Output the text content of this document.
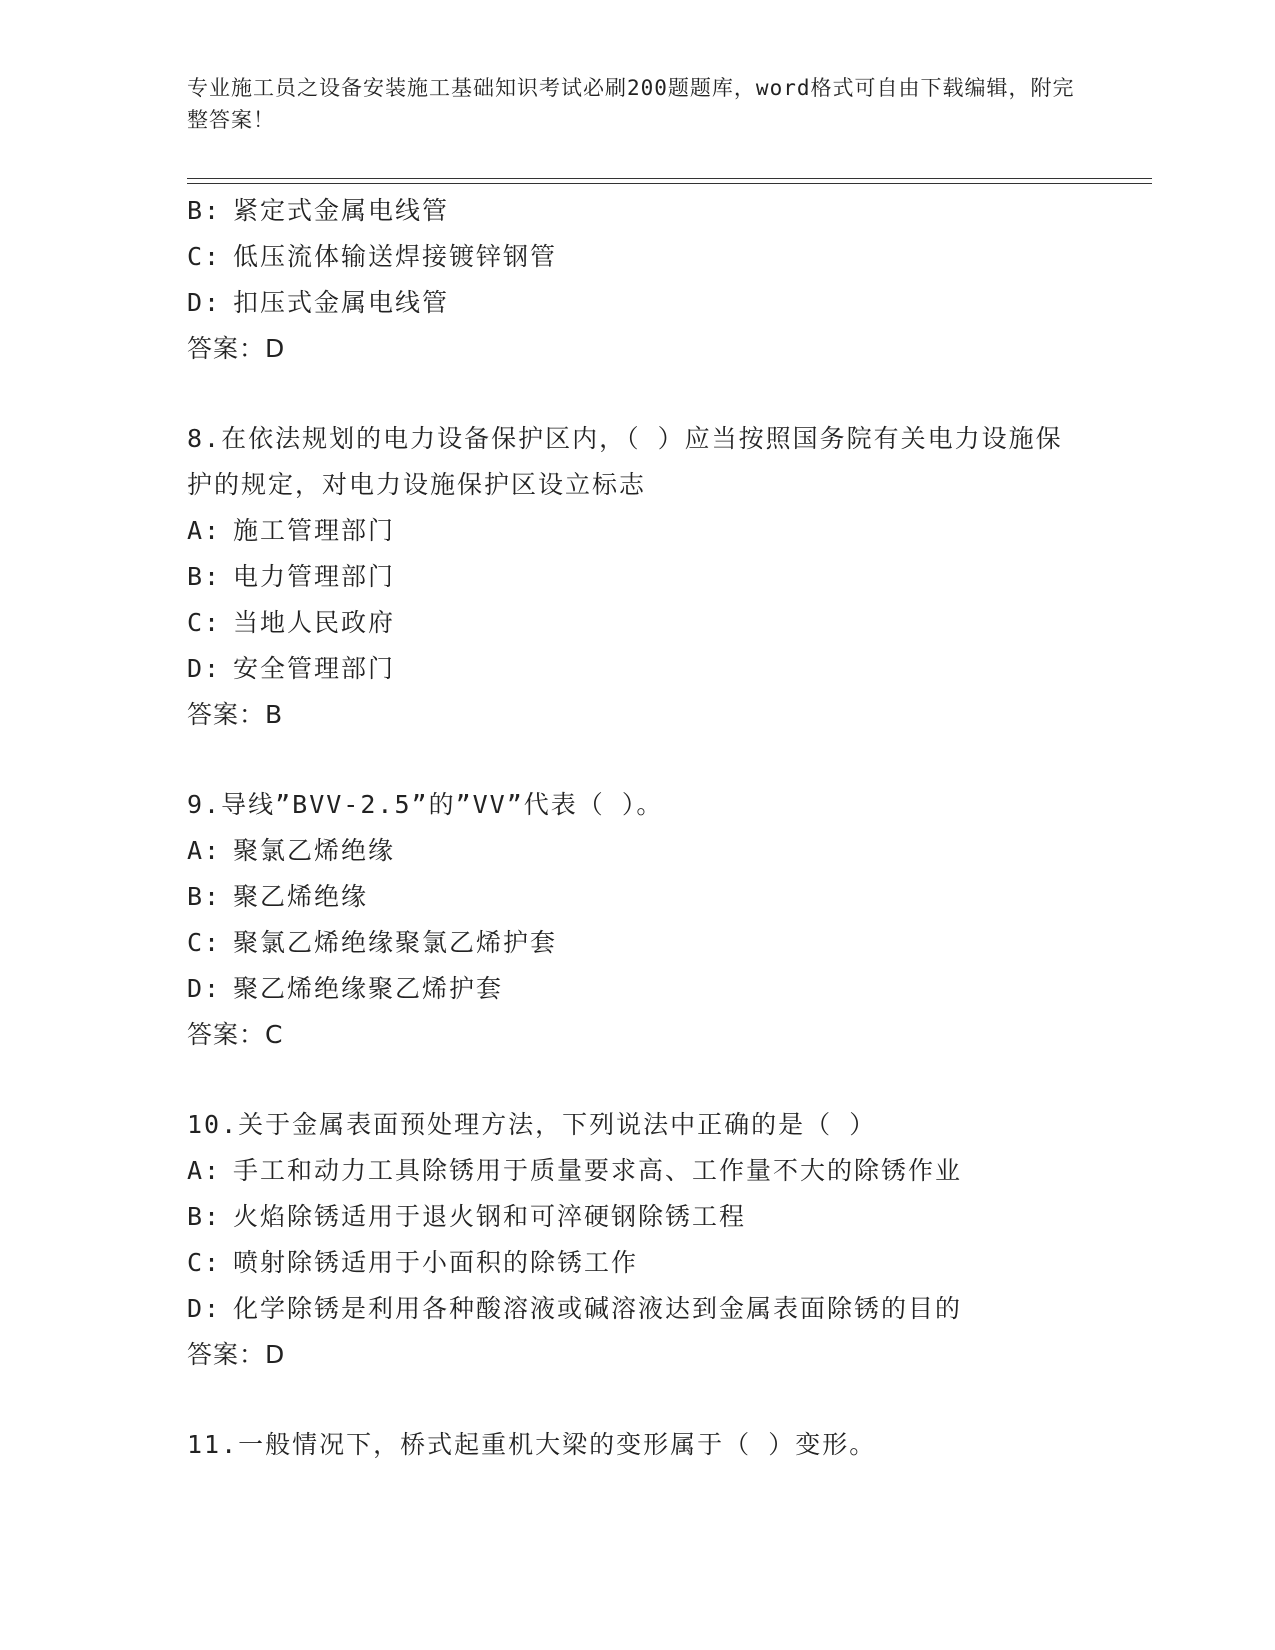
专业施工员之设备安装施工基础知识考试必刷200题题库，word格式可自由下载编辑，附完整答案！
B: 紧定式金属电线管
C: 低压流体输送焊接镀锌钢管
D: 扣压式金属电线管
答案：D
8.在依法规划的电力设备保护区内，（ ）应当按照国务院有关电力设施保护的规定，对电力设施保护区设立标志
A: 施工管理部门
B: 电力管理部门
C: 当地人民政府
D: 安全管理部门
答案：B
9.导线”BVV-2.5”的”VV”代表（ ）。
A: 聚氯乙烯绝缘
B: 聚乙烯绝缘
C: 聚氯乙烯绝缘聚氯乙烯护套
D: 聚乙烯绝缘聚乙烯护套
答案：C
10.关于金属表面预处理方法，下列说法中正确的是（ ）
A: 手工和动力工具除锈用于质量要求高、工作量不大的除锈作业
B: 火焰除锈适用于退火钢和可淬硬钢除锈工程
C: 喷射除锈适用于小面积的除锈工作
D: 化学除锈是利用各种酸溶液或碱溶液达到金属表面除锈的目的
答案：D
11.一般情况下，桥式起重机大梁的变形属于（ ）变形。
